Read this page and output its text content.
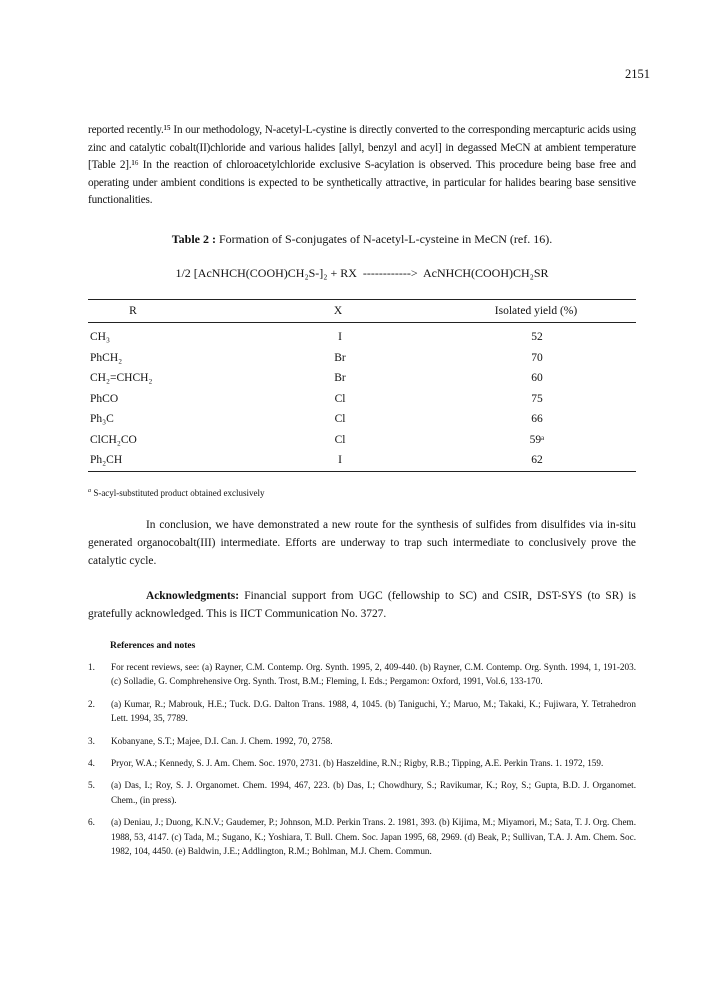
2151

reported recently.¹⁵ In our methodology, N-acetyl-L-cystine is directly converted to the corresponding mercapturic acids using zinc and catalytic cobalt(II)chloride and various halides [allyl, benzyl and acyl] in degassed MeCN at ambient temperature [Table 2].¹⁶ In the reaction of chloroacetylchloride exclusive S-acylation is observed. This procedure being base free and operating under ambient conditions is expected to be synthetically attractive, in particular for halides bearing base sensitive functionalities.

Table 2 : Formation of S-conjugates of N-acetyl-L-cysteine in MeCN (ref. 16).
1/2 [AcNHCH(COOH)CH₂S-]₂ + RX ------------> AcNHCH(COOH)CH₂SR
R	X	Isolated yield (%)
CH₃	I	52
PhCH₂	Br	70
CH₂=CHCH₂	Br	60
PhCO	Cl	75
Ph₃C	Cl	66
ClCH₂CO	Cl	59ᵃ
Ph₂CH	I	62
$^a$ S-acyl-substituted product obtained exclusively

In conclusion, we have demonstrated a new route for the synthesis of sulfides from disulfides via in-situ generated organocobalt(III) intermediate. Efforts are underway to trap such intermediate to conclusively prove the catalytic cycle.

Acknowledgments: Financial support from UGC (fellowship to SC) and CSIR, DST-SYS (to SR) is gratefully acknowledged. This is IICT Communication No. 3727.

References and notes
1. For recent reviews, see: (a) Rayner, C.M. Contemp. Org. Synth. 1995, 2, 409-440. (b) Rayner, C.M. Contemp. Org. Synth. 1994, 1, 191-203. (c) Solladie, G. Comphrehensive Org. Synth. Trost, B.M.; Fleming, I. Eds.; Pergamon: Oxford, 1991, Vol.6, 133-170.
2. (a) Kumar, R.; Mabrouk, H.E.; Tuck. D.G. Dalton Trans. 1988, 4, 1045. (b) Taniguchi, Y.; Maruo, M.; Takaki, K.; Fujiwara, Y. Tetrahedron Lett. 1994, 35, 7789.
3. Kobanyane, S.T.; Majee, D.I. Can. J. Chem. 1992, 70, 2758.
4. Pryor, W.A.; Kennedy, S. J. Am. Chem. Soc. 1970, 2731. (b) Haszeldine, R.N.; Rigby, R.B.; Tipping, A.E. Perkin Trans. 1. 1972, 159.
5. (a) Das, I.; Roy, S. J. Organomet. Chem. 1994, 467, 223. (b) Das, I.; Chowdhury, S.; Ravikumar, K.; Roy, S.; Gupta, B.D. J. Organomet. Chem., (in press).
6. (a) Deniau, J.; Duong, K.N.V.; Gaudemer, P.; Johnson, M.D. Perkin Trans. 2. 1981, 393. (b) Kijima, M.; Miyamori, M.; Sata, T. J. Org. Chem. 1988, 53, 4147. (c) Tada, M.; Sugano, K.; Yoshiara, T. Bull. Chem. Soc. Japan 1995, 68, 2969. (d) Beak, P.; Sullivan, T.A. J. Am. Chem. Soc. 1982, 104, 4450. (e) Baldwin, J.E.; Addlington, R.M.; Bohlman, M.J. Chem. Commun.
